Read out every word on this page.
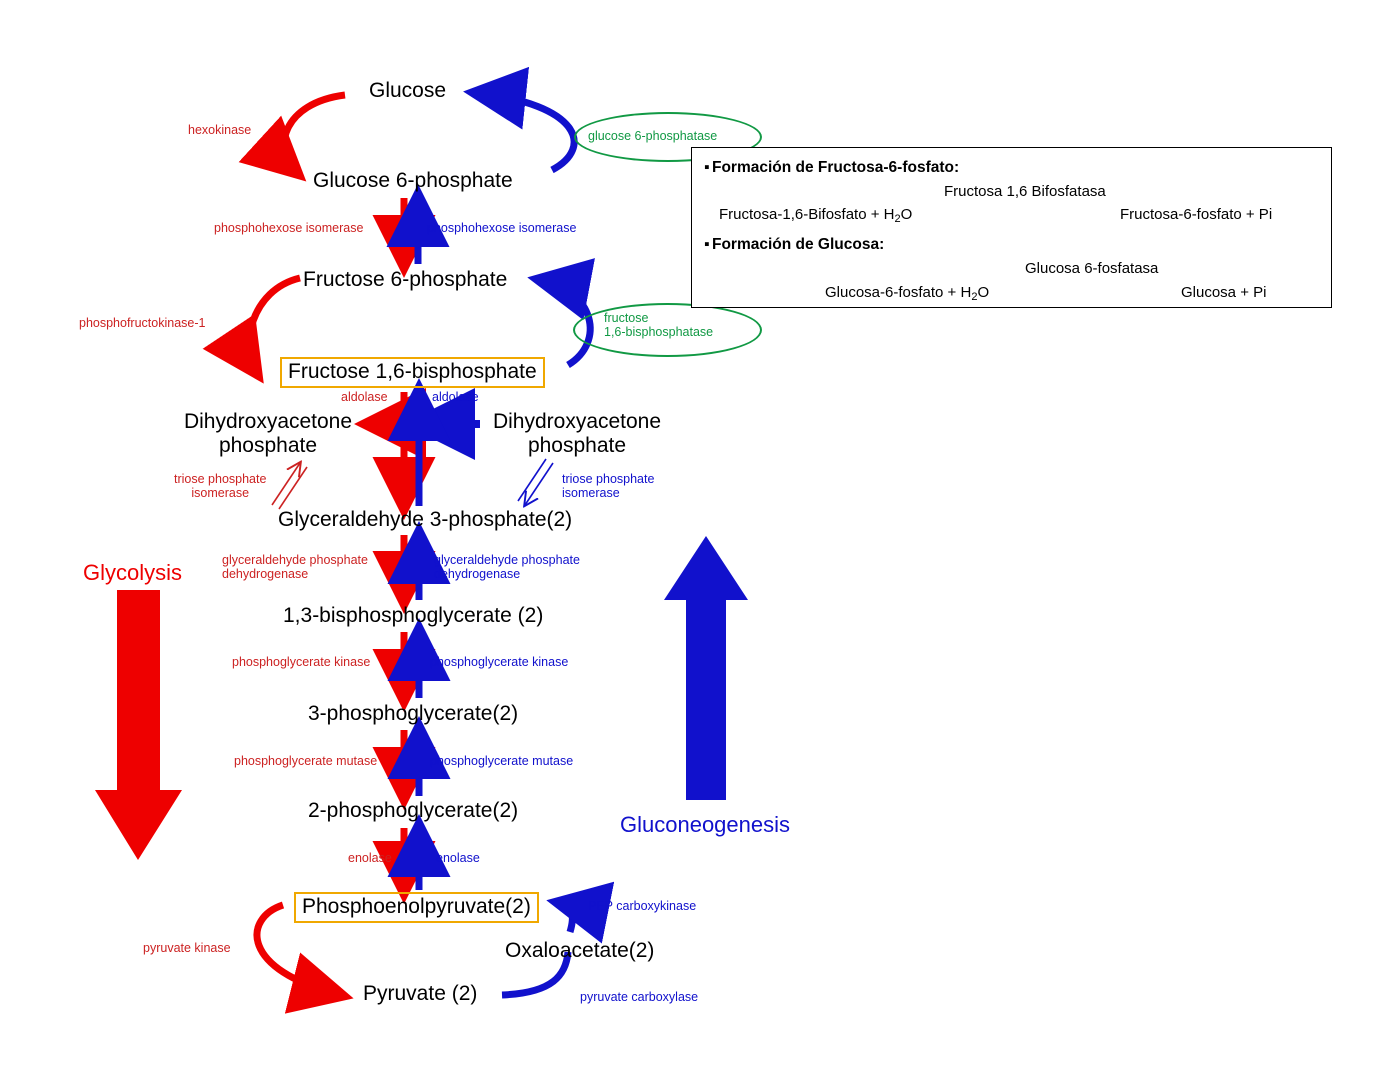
Glucose
Glucose 6-phosphate
Fructose 6-phosphate
Fructose 1,6-bisphosphate
Dihydroxyacetone
phosphate
Dihydroxyacetone
phosphate
Glyceraldehyde 3-phosphate(2)
1,3-bisphosphoglycerate (2)
3-phosphoglycerate(2)
2-phosphoglycerate(2)
Phosphoenolpyruvate(2)
Oxaloacetate(2)
Pyruvate (2)
hexokinase
phosphohexose isomerase
phosphofructokinase-1
aldolase
triose phosphate
isomerase
glyceraldehyde phosphate
dehydrogenase
phosphoglycerate kinase
phosphoglycerate mutase
enolase
pyruvate kinase
glucose 6-phosphatase
phosphohexose isomerase
fructose
1,6-bisphosphatase
aldolase
triose phosphate
isomerase
glyceraldehyde phosphate
dehydrogenase
phosphoglycerate kinase
phosphoglycerate mutase
enolase
PEP carboxykinase
pyruvate carboxylase
Glycolysis
Gluconeogenesis
▪ Formación de Fructosa-6-fosfato:
Fructosa 1,6 Bifosfatasa
Fructosa-1,6-Bifosfato + $H_2O$	Fructosa-6-fosfato + Pi
▪ Formación de Glucosa:
Glucosa 6-fosfatasa
Glucosa-6-fosfato + $H_2O$	Glucosa + Pi
